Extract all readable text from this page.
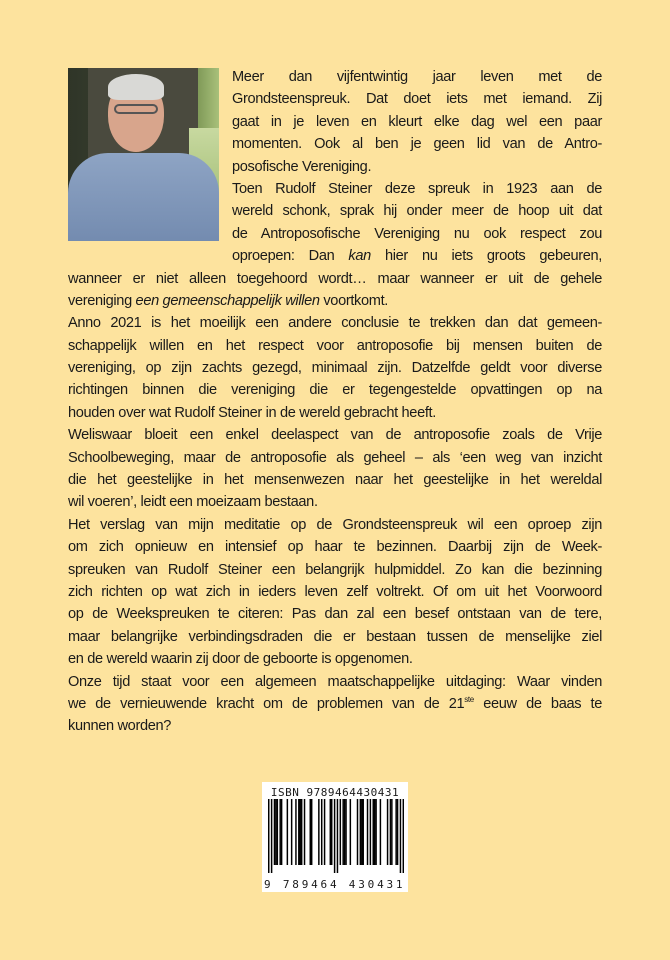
Meer dan vijfentwintig jaar leven met de
Grondsteenspreuk. Dat doet iets met iemand. Zij
gaat in je leven en kleurt elke dag wel een paar
momenten. Ook al ben je geen lid van de Antro-
posofische Vereniging.
Toen Rudolf Steiner deze spreuk in 1923 aan de
wereld schonk, sprak hij onder meer de hoop uit dat
de Antroposofische Vereniging nu ook respect zou
oproepen: Dan kan hier nu iets groots gebeuren,
wanneer er niet alleen toegehoord wordt… maar wanneer er uit de gehele
vereniging een gemeenschappelijk willen voortkomt.
Anno 2021 is het moeilijk een andere conclusie te trekken dan dat gemeen-
schappelijk willen en het respect voor antroposofie bij mensen buiten de
vereniging, op zijn zachts gezegd, minimaal zijn. Datzelfde geldt voor diverse
richtingen binnen die vereniging die er tegengestelde opvattingen op na
houden over wat Rudolf Steiner in de wereld gebracht heeft.
Weliswaar bloeit een enkel deelaspect van de antroposofie zoals de Vrije
Schoolbeweging, maar de antroposofie als geheel – als ‘een weg van inzicht
die het geestelijke in het mensenwezen naar het geestelijke in het wereldal
wil voeren’, leidt een moeizaam bestaan.
Het verslag van mijn meditatie op de Grondsteenspreuk wil een oproep zijn
om zich opnieuw en intensief op haar te bezinnen. Daarbij zijn de Week-
spreuken van Rudolf Steiner een belangrijk hulpmiddel. Zo kan die bezinning
zich richten op wat zich in ieders leven zelf voltrekt. Of om uit het Voorwoord
op de Weekspreuken te citeren: Pas dan zal een besef ontstaan van de tere,
maar belangrijke verbindingsdraden die er bestaan tussen de menselijke ziel
en de wereld waarin zij door de geboorte is opgenomen.
Onze tijd staat voor een algemeen maatschappelijke uitdaging: Waar vinden
we de vernieuwende kracht om de problemen van de 21ste eeuw de baas te
kunnen worden?
ISBN 9789464430431
9 789464 430431
